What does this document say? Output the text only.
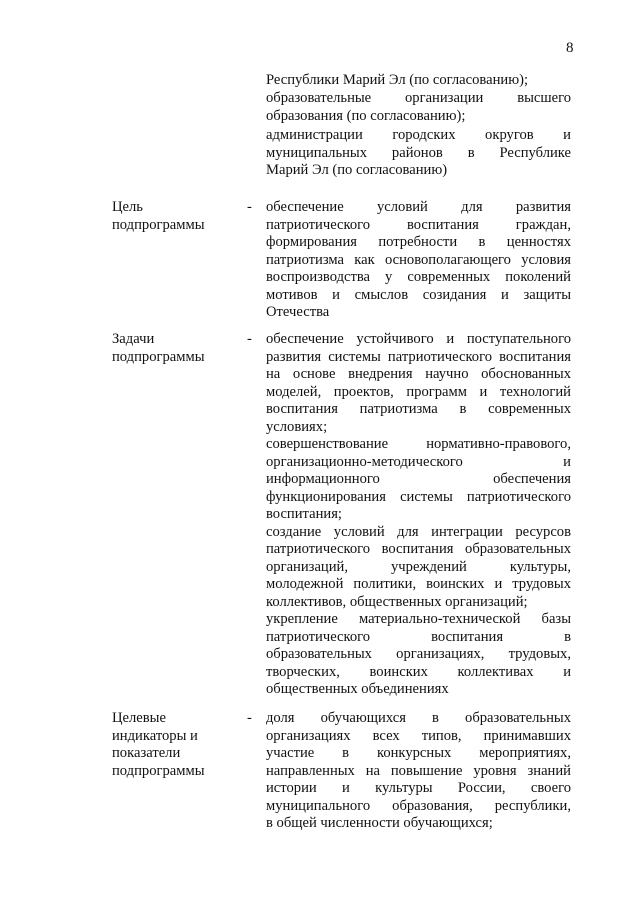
8
Республики Марий Эл (по согласованию);
образовательные организации высшего
образования (по согласованию);
администрации городских округов и
муниципальных районов в Республике
Марий Эл (по согласованию)
Цель
подпрограммы
- обеспечение условий для развития
патриотического воспитания граждан,
формирования потребности в ценностях
патриотизма как основополагающего условия
воспроизводства у современных поколений
мотивов и смыслов созидания и защиты
Отечества
Задачи
подпрограммы
- обеспечение устойчивого и поступательного
развития системы патриотического воспитания
на основе внедрения научно обоснованных
моделей, проектов, программ и технологий
воспитания патриотизма в современных
условиях;
совершенствование нормативно-правового,
организационно-методического и
информационного обеспечения
функционирования системы патриотического
воспитания;
создание условий для интеграции ресурсов
патриотического воспитания образовательных
организаций, учреждений культуры,
молодежной политики, воинских и трудовых
коллективов, общественных организаций;
укрепление материально-технической базы
патриотического воспитания в
образовательных организациях, трудовых,
творческих, воинских коллективах и
общественных объединениях
Целевые
индикаторы и
показатели
подпрограммы
- доля обучающихся в образовательных
организациях всех типов, принимавших
участие в конкурсных мероприятиях,
направленных на повышение уровня знаний
истории и культуры России, своего
муниципального образования, республики,
в общей численности обучающихся;
